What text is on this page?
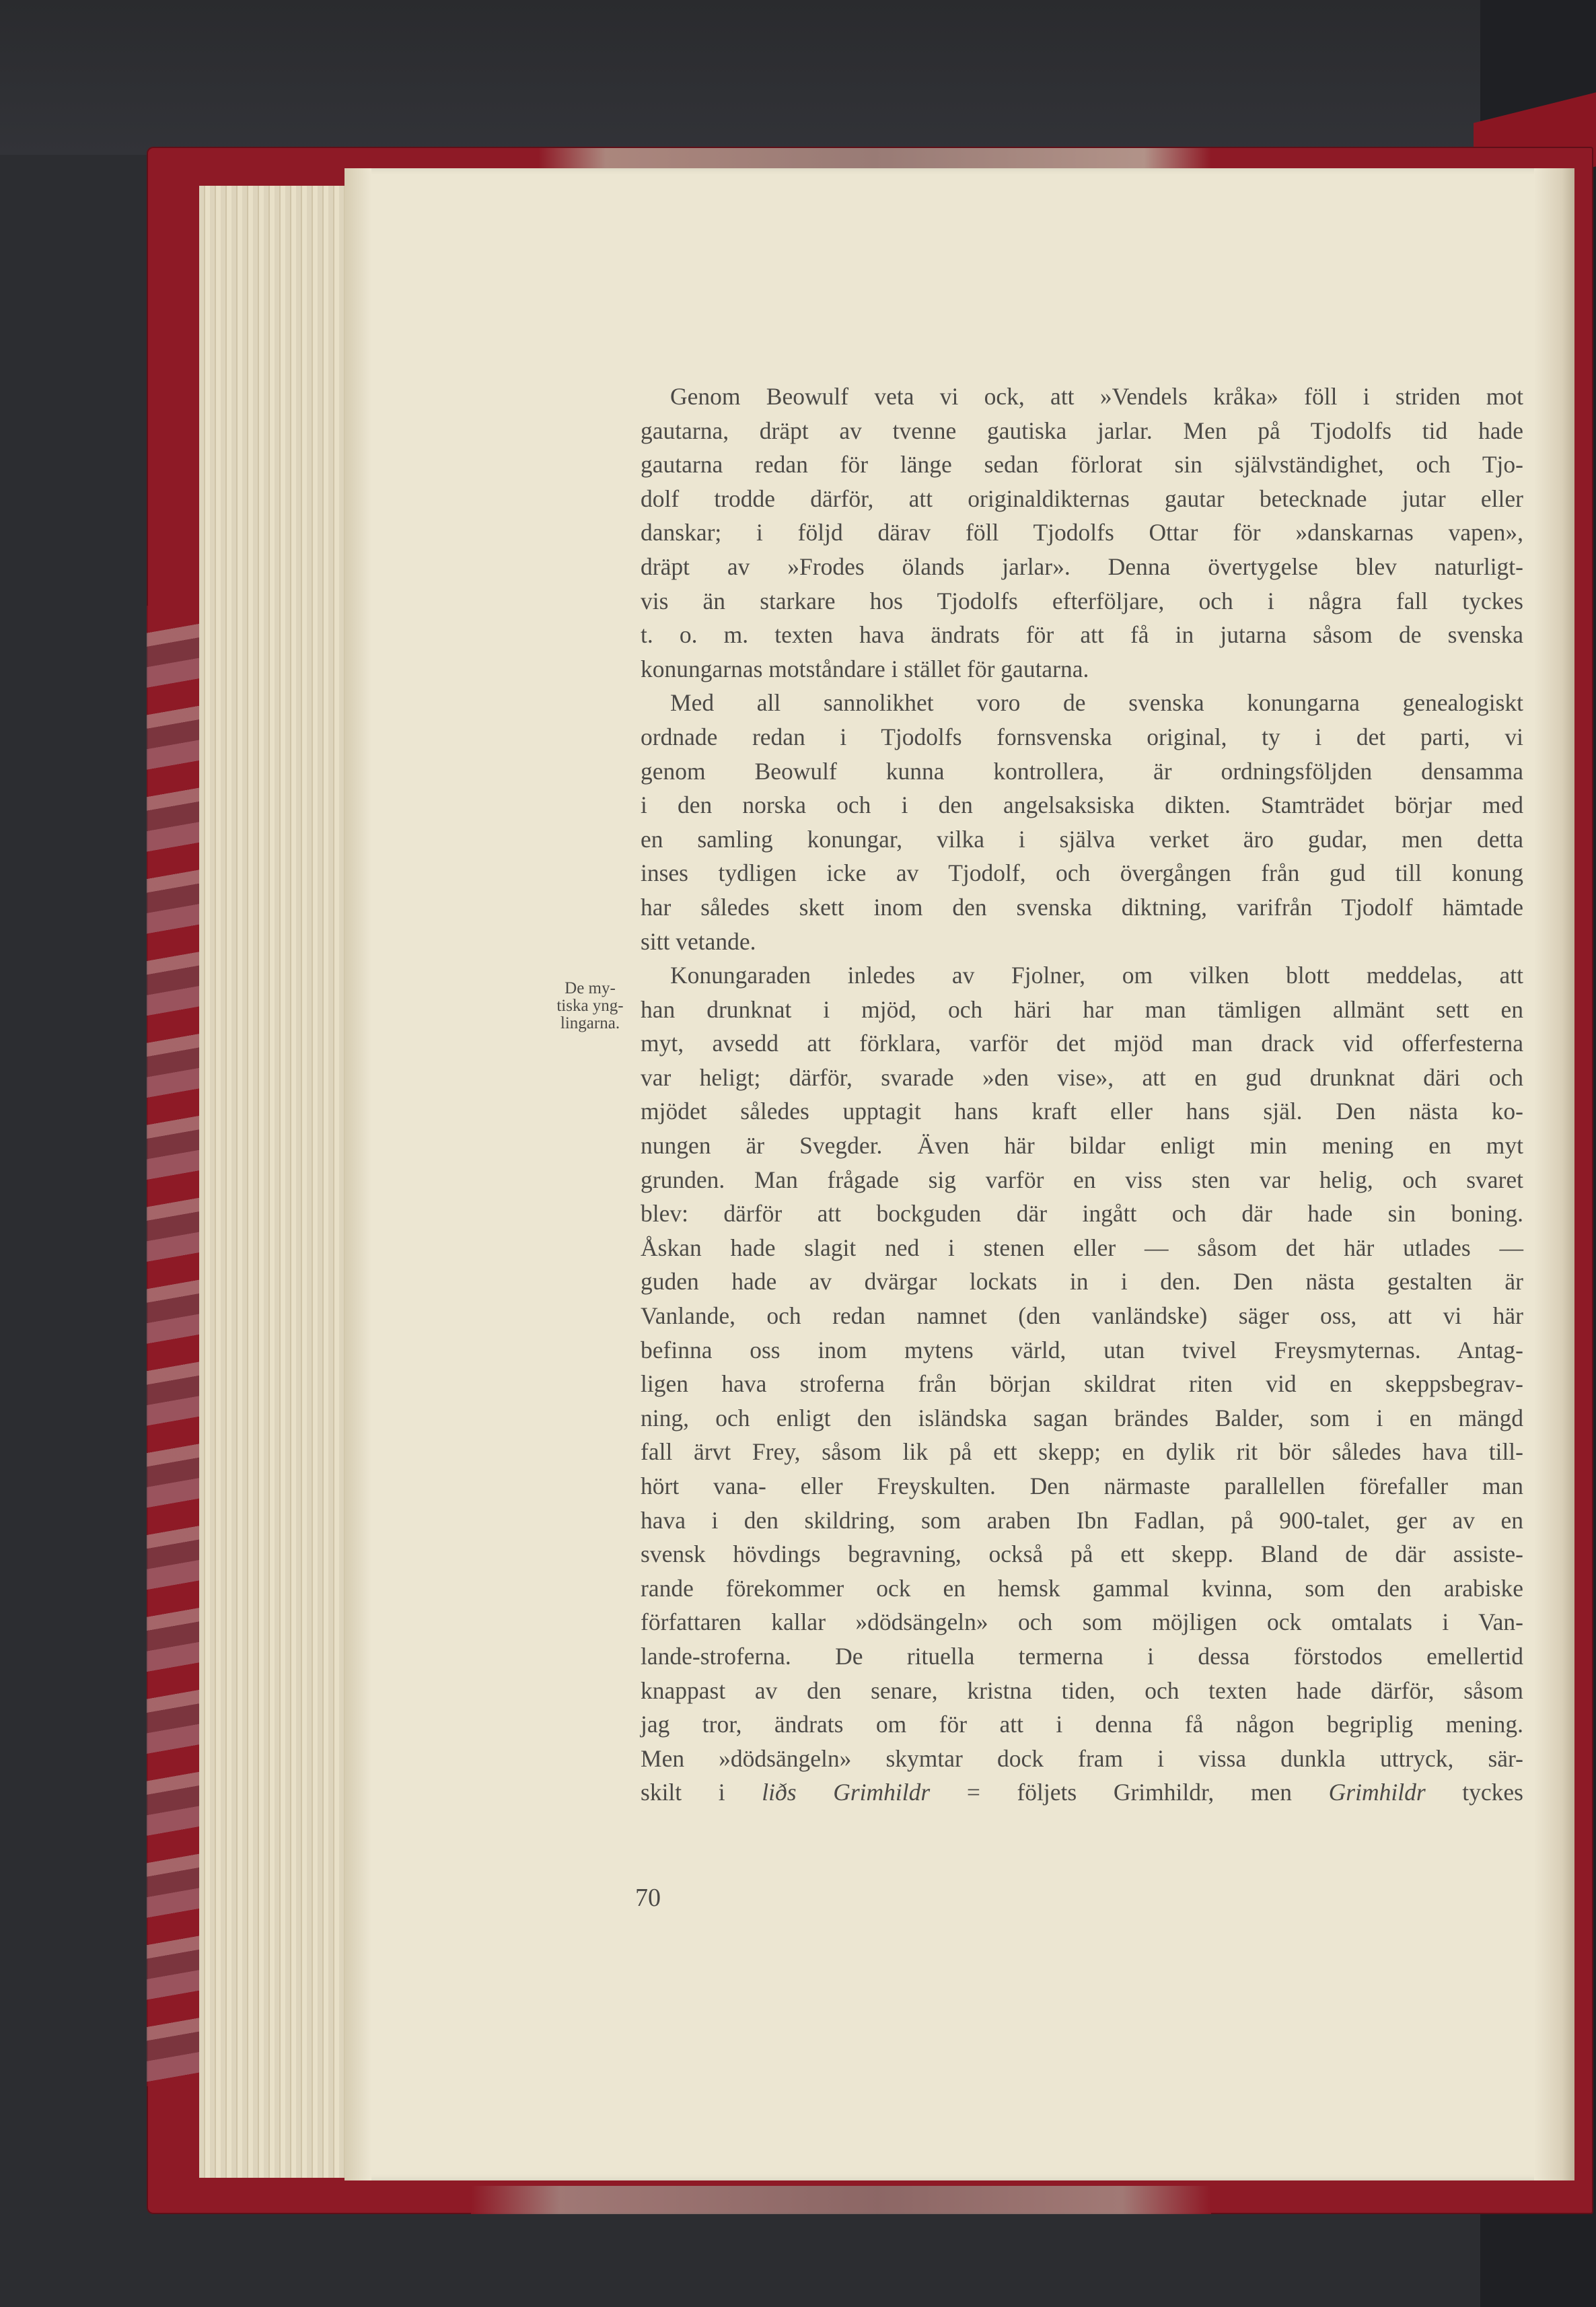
De my-
tiska yng-
lingarna.
Genom Beowulf veta vi ock, att »Vendels kråka» föll i striden mot
gautarna, dräpt av tvenne gautiska jarlar. Men på Tjodolfs tid hade
gautarna redan för länge sedan förlorat sin självständighet, och Tjo-
dolf trodde därför, att originaldikternas gautar betecknade jutar eller
danskar; i följd därav föll Tjodolfs Ottar för »danskarnas vapen»,
dräpt av »Frodes ölands jarlar». Denna övertygelse blev naturligt-
vis än starkare hos Tjodolfs efterföljare, och i några fall tyckes
t. o. m. texten hava ändrats för att få in jutarna såsom de svenska
konungarnas motståndare i stället för gautarna.
Med all sannolikhet voro de svenska konungarna genealogiskt
ordnade redan i Tjodolfs fornsvenska original, ty i det parti, vi
genom Beowulf kunna kontrollera, är ordningsföljden densamma
i den norska och i den angelsaksiska dikten. Stamträdet börjar med
en samling konungar, vilka i själva verket äro gudar, men detta
inses tydligen icke av Tjodolf, och övergången från gud till konung
har således skett inom den svenska diktning, varifrån Tjodolf hämtade
sitt vetande.
Konungaraden inledes av Fjolner, om vilken blott meddelas, att
han drunknat i mjöd, och häri har man tämligen allmänt sett en
myt, avsedd att förklara, varför det mjöd man drack vid offerfesterna
var heligt; därför, svarade »den vise», att en gud drunknat däri och
mjödet således upptagit hans kraft eller hans själ. Den nästa ko-
nungen är Svegder. Även här bildar enligt min mening en myt
grunden. Man frågade sig varför en viss sten var helig, och svaret
blev: därför att bockguden där ingått och där hade sin boning.
Åskan hade slagit ned i stenen eller — såsom det här utlades —
guden hade av dvärgar lockats in i den. Den nästa gestalten är
Vanlande, och redan namnet (den vanländske) säger oss, att vi här
befinna oss inom mytens värld, utan tvivel Freysmyternas. Antag-
ligen hava stroferna från början skildrat riten vid en skeppsbegrav-
ning, och enligt den isländska sagan brändes Balder, som i en mängd
fall ärvt Frey, såsom lik på ett skepp; en dylik rit bör således hava till-
hört vana- eller Freyskulten. Den närmaste parallellen förefaller man
hava i den skildring, som araben Ibn Fadlan, på 900-talet, ger av en
svensk hövdings begravning, också på ett skepp. Bland de där assiste-
rande förekommer ock en hemsk gammal kvinna, som den arabiske
författaren kallar »dödsängeln» och som möjligen ock omtalats i Van-
lande-stroferna. De rituella termerna i dessa förstodos emellertid
knappast av den senare, kristna tiden, och texten hade därför, såsom
jag tror, ändrats om för att i denna få någon begriplig mening.
Men »dödsängeln» skymtar dock fram i vissa dunkla uttryck, sär-
skilt i liðs Grimhildr = följets Grimhildr, men Grimhildr tyckes
70
